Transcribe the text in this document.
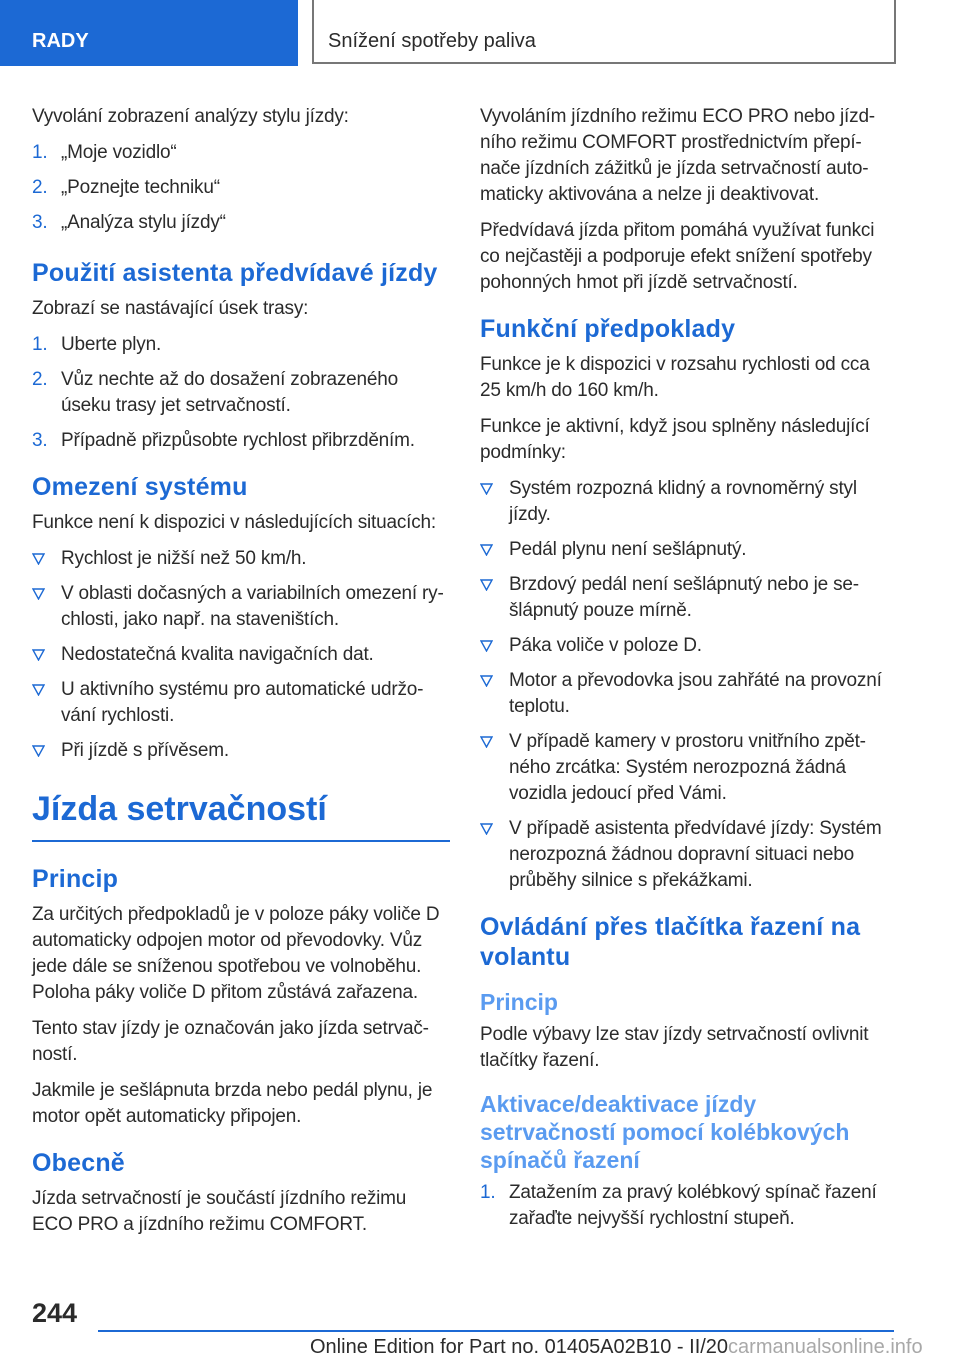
RADY	Snížení spotřeby paliva

Vyvolání zobrazení analýzy stylu jízdy:

1. „Moje vozidlo“
2. „Poznejte techniku“
3. „Analýza stylu jízdy“
Použití asistenta předvídavé jízdy

Zobrazí se nastávající úsek trasy:

1. Uberte plyn.
2. Vůz nechte až do dosažení zobrazeného úseku trasy jet setrvačností.
3. Případně přizpůsobte rychlost přibrzděním.
Omezení systému

Funkce není k dispozici v následujících situacích:

Rychlost je nižší než 50 km/h.
V oblasti dočasných a variabilních omezení ry‐ chlosti, jako např. na staveništích.
Nedostatečná kvalita navigačních dat.
U aktivního systému pro automatické udržo‐ vání rychlosti.
Při jízdě s přívěsem.
Jízda setrvačností
Princip

Za určitých předpokladů je v poloze páky voliče D automaticky odpojen motor od převodovky. Vůz jede dále se sníženou spotřebou ve volnoběhu. Poloha páky voliče D přitom zůstává zařazena.

Tento stav jízdy je označován jako jízda setrvač‐ ností.

Jakmile je sešlápnuta brzda nebo pedál plynu, je motor opět automaticky připojen.

Obecně

Jízda setrvačností je součástí jízdního režimu ECO PRO a jízdního režimu COMFORT.

Vyvoláním jízdního režimu ECO PRO nebo jízd‐ ního režimu COMFORT prostřednictvím přepí‐ nače jízdních zážitků je jízda setrvačností auto‐ maticky aktivována a nelze ji deaktivovat.

Předvídavá jízda přitom pomáhá využívat funkci co nejčastěji a podporuje efekt snížení spotřeby pohonných hmot při jízdě setrvačností.

Funkční předpoklady

Funkce je k dispozici v rozsahu rychlosti od cca 25 km/h do 160 km/h.

Funkce je aktivní, když jsou splněny následující podmínky:

Systém rozpozná klidný a rovnoměrný styl jízdy.
Pedál plynu není sešlápnutý.
Brzdový pedál není sešlápnutý nebo je se‐ šlápnutý pouze mírně.
Páka voliče v poloze D.
Motor a převodovka jsou zahřáté na provozní teplotu.
V případě kamery v prostoru vnitřního zpět‐ ného zrcátka: Systém nerozpozná žádná vozidla jedoucí před Vámi.
V případě asistenta předvídavé jízdy: Systém nerozpozná žádnou dopravní situaci nebo průběhy silnice s překážkami.
Ovládání přes tlačítka řazení na volantu
Princip

Podle výbavy lze stav jízdy setrvačností ovlivnit tlačítky řazení.

Aktivace/deaktivace jízdy setrvačností pomocí kolébkových spínačů řazení
1. Zatažením za pravý kolébkový spínač řazení zařaďte nejvyšší rychlostní stupeň.
244
Online Edition for Part no. 01405A02B10 - II/20carmanualsonline.info
